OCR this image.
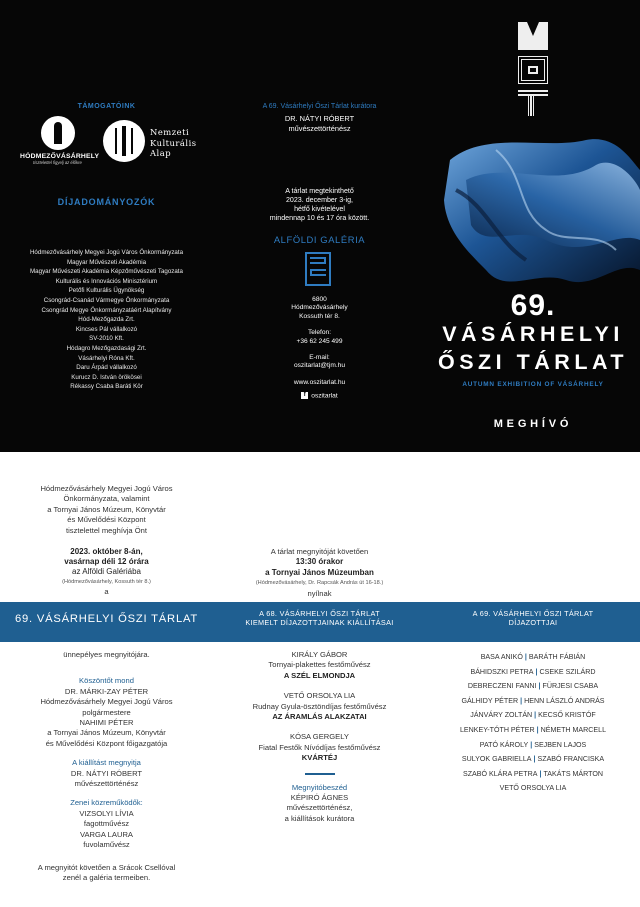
TÁMOGATÓINK
HÓDMEZŐVÁSÁRHELY
tisztelettel figyelj az élőkre
Nemzeti
Kulturális
Alap
DÍJADOMÁNYOZÓK
Hódmezővásárhely Megyei Jogú Város Önkormányzata
Magyar Művészeti Akadémia
Magyar Művészeti Akadémia Képzőművészeti Tagozata
Kulturális és Innovációs Minisztérium
Petőfi Kulturális Ügynökség
Csongrád-Csanád Vármegye Önkormányzata
Csongrád Megye Önkormányzatáért Alapítvány
Hód-Mezőgazda Zrt.
Kincses Pál vállalkozó
SV-2010 Kft.
Hódagro Mezőgazdasági Zrt.
Vásárhelyi Róna Kft.
Daru Árpád vállalkozó
Kurucz D. István örökösei
Rékassy Csaba Baráti Kör
A 69. Vásárhelyi Őszi Tárlat kurátora
DR. NÁTYI RÓBERT
művészettörténész
A tárlat megtekinthető
2023. december 3-ig,
hétfő kivételével
mindennap 10 és 17 óra között.
ALFÖLDI GALÉRIA

6800
Hódmezővásárhely
Kossuth tér 8.

Telefon:
+36 62 245 499

E-mail:
oszitarlat@tjm.hu

www.oszitarlat.hu

f oszitarlat
69.
VÁSÁRHELYI
ŐSZI TÁRLAT
AUTUMN EXHIBITION OF VÁSÁRHELY
MEGHÍVÓ
69. VÁSÁRHELYI ŐSZI TÁRLAT	A 68. VÁSÁRHELYI ŐSZI TÁRLAT
KIEMELT DÍJAZOTTJAINAK KIÁLLÍTÁSAI
A 69. VÁSÁRHELYI ŐSZI TÁRLAT
DÍJAZOTTJAI
Hódmezővásárhely Megyei Jogú Város
Önkormányzata, valamint
a Tornyai János Múzeum, Könyvtár
és Művelődési Központ
tisztelettel meghívja Önt
2023. október 8-án,
vasárnap déli 12 órára
az Alföldi Galériába
(Hódmezővásárhely, Kossuth tér 8.)
a
ünnepélyes megnyitójára.
Köszöntőt mond
DR. MÁRKI-ZAY PÉTER
Hódmezővásárhely Megyei Jogú Város
polgármestere
NAHIMI PÉTER
a Tornyai János Múzeum, Könyvtár
és Művelődési Központ főigazgatója
A kiállítást megnyitja
DR. NÁTYI RÓBERT
művészettörténész
Zenei közreműködők:
VIZSOLYI LÍVIA
fagottművész
VARGA LAURA
fuvolaművész
A megnyitót követően a Srácok Csellóval
zenél a galéria termeiben.
A tárlat megnyitóját követően
13:30 órakor
a Tornyai János Múzeumban
(Hódmezővásárhely, Dr. Rapcsák András út 16-18.)
nyílnak
KIRÁLY GÁBOR
Tornyai-plakettes festőművész
A SZÉL ELMONDJA
VETŐ ORSOLYA LIA
Rudnay Gyula-ösztöndíjas festőművész
AZ ÁRAMLÁS ALAKZATAI
KÓSA GERGELY
Fiatal Festők Nívódíjas festőművész
KVÁRTÉJ
Megnyitóbeszéd
KÉPIRÓ ÁGNES
művészettörténész,
a kiállítások kurátora
BASA ANIKÓ | BARÁTH FÁBIÁN
BÁHIDSZKI PETRA | CSEKE SZILÁRD
DEBRECZENI FANNI | FÜRJESI CSABA
GÁLHIDY PÉTER | HENN LÁSZLÓ ANDRÁS
JÁNVÁRY ZOLTÁN | KECSŐ KRISTÓF
LENKEY-TÓTH PÉTER | NÉMETH MARCELL
PATÓ KÁROLY | SEJBEN LAJOS
SULYOK GABRIELLA | SZABÓ FRANCISKA
SZABÓ KLÁRA PETRA | TAKÁTS MÁRTON
VETŐ ORSOLYA LIA
